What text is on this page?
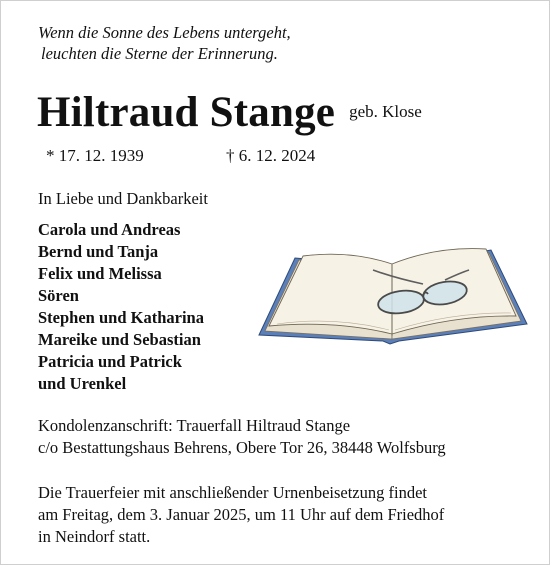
Wenn die Sonne des Lebens untergeht,
leuchten die Sterne der Erinnerung.
Hiltraud Stange geb. Klose
* 17. 12. 1939	† 6. 12. 2024
In Liebe und Dankbarkeit
Carola und Andreas
Bernd und Tanja
Felix und Melissa
Sören
Stephen und Katharina
Mareike und Sebastian
Patricia und Patrick
und Urenkel
Kondolenzanschrift: Trauerfall Hiltraud Stange
c/o Bestattungshaus Behrens, Obere Tor 26, 38448 Wolfsburg
Die Trauerfeier mit anschließender Urnenbeisetzung findet
am Freitag, dem 3. Januar 2025, um 11 Uhr auf dem Friedhof
in Neindorf statt.
